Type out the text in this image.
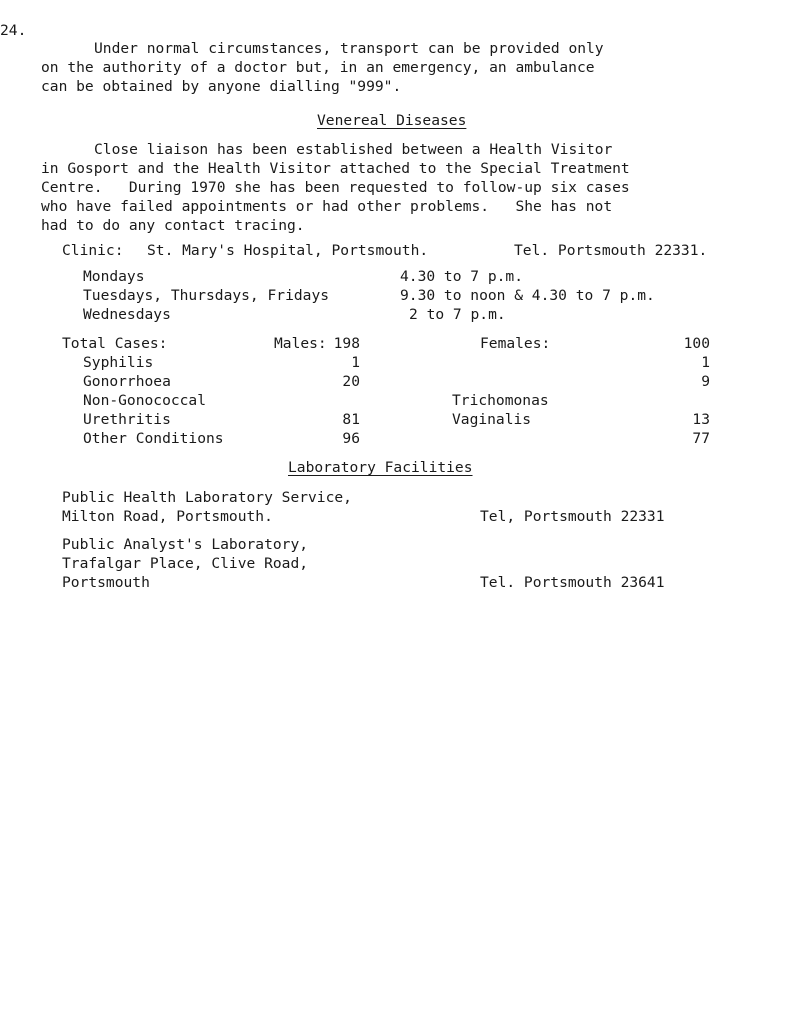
24.
Under normal circumstances, transport can be provided only
on the authority of a doctor but, in an emergency, an ambulance
can be obtained by anyone dialling "999".
Venereal Diseases
Close liaison has been established between a Health Visitor
in Gosport and the Health Visitor attached to the Special Treatment
Centre.   During 1970 she has been requested to follow-up six cases
who have failed appointments or had other problems.   She has not
had to do any contact tracing.
Clinic: St. Mary's Hospital, Portsmouth.	Tel. Portsmouth 22331.
Mondays	4.30 to 7 p.m.
Tuesdays, Thursdays, Fridays	9.30 to noon & 4.30 to 7 p.m.
Wednesdays	2 to 7 p.m.
Total Cases:	Males: 198	Females:	100
Syphilis	1	1
Gonorrhoea	20	9
Non-Gonococcal	Trichomonas
Urethritis	81	Vaginalis	13
Other Conditions	96	77
Laboratory Facilities
Public Health Laboratory Service,
Milton Road, Portsmouth.	Tel, Portsmouth 22331
Public Analyst's Laboratory,
Trafalgar Place, Clive Road,
Portsmouth	Tel. Portsmouth 23641
